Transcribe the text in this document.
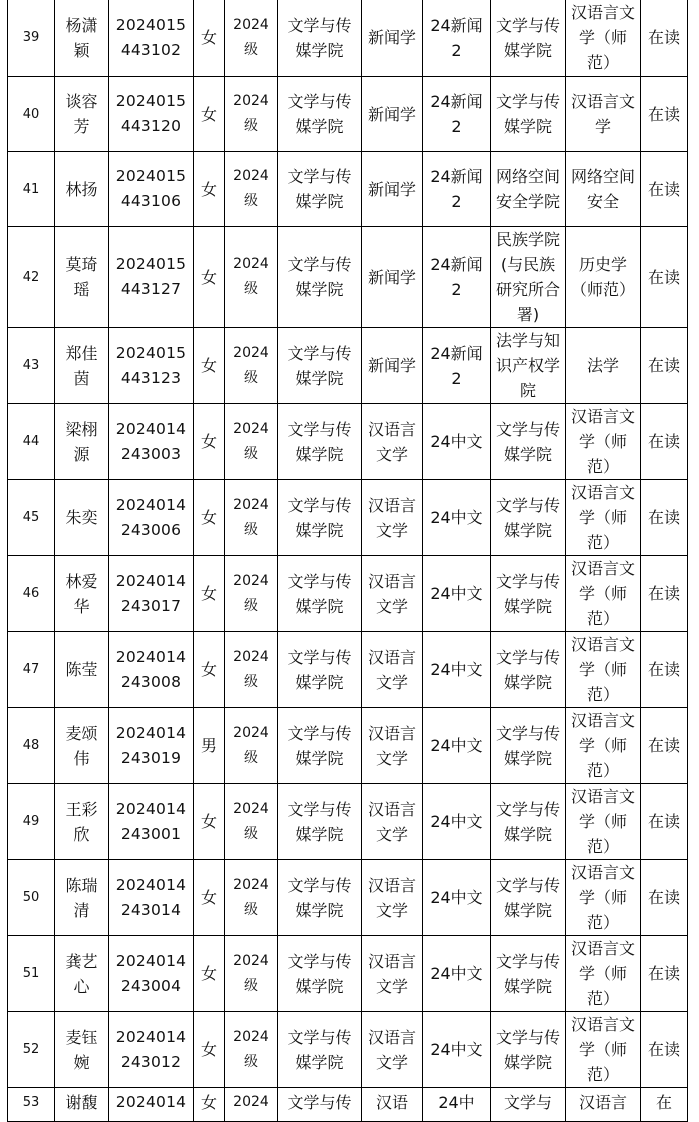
39	杨潇颖	2024015443102	女	2024级	文学与传媒学院	新闻学	24新闻2	文学与传媒学院	汉语言文学（师范）	在读
40	谈容芳	2024015443120	女	2024级	文学与传媒学院	新闻学	24新闻2	文学与传媒学院	汉语言文学	在读
41	林扬	2024015443106	女	2024级	文学与传媒学院	新闻学	24新闻2	网络空间安全学院	网络空间安全	在读
42	莫琦瑶	2024015443127	女	2024级	文学与传媒学院	新闻学	24新闻2	民族学院(与民族研究所合署)	历史学（师范）	在读
43	郑佳茵	2024015443123	女	2024级	文学与传媒学院	新闻学	24新闻2	法学与知识产权学院	法学	在读
44	梁栩源	2024014243003	女	2024级	文学与传媒学院	汉语言文学	24中文	文学与传媒学院	汉语言文学（师范）	在读
45	朱奕	2024014243006	女	2024级	文学与传媒学院	汉语言文学	24中文	文学与传媒学院	汉语言文学（师范）	在读
46	林爱华	2024014243017	女	2024级	文学与传媒学院	汉语言文学	24中文	文学与传媒学院	汉语言文学（师范）	在读
47	陈莹	2024014243008	女	2024级	文学与传媒学院	汉语言文学	24中文	文学与传媒学院	汉语言文学（师范）	在读
48	麦颂伟	2024014243019	男	2024级	文学与传媒学院	汉语言文学	24中文	文学与传媒学院	汉语言文学（师范）	在读
49	王彩欣	2024014243001	女	2024级	文学与传媒学院	汉语言文学	24中文	文学与传媒学院	汉语言文学（师范）	在读
50	陈瑞清	2024014243014	女	2024级	文学与传媒学院	汉语言文学	24中文	文学与传媒学院	汉语言文学（师范）	在读
51	龚艺心	2024014243004	女	2024级	文学与传媒学院	汉语言文学	24中文	文学与传媒学院	汉语言文学（师范）	在读
52	麦钰婉	2024014243012	女	2024级	文学与传媒学院	汉语言文学	24中文	文学与传媒学院	汉语言文学（师范）	在读
53	谢馥	2024014	女	2024	文学与传	汉语	24中	文学与	汉语言	在
